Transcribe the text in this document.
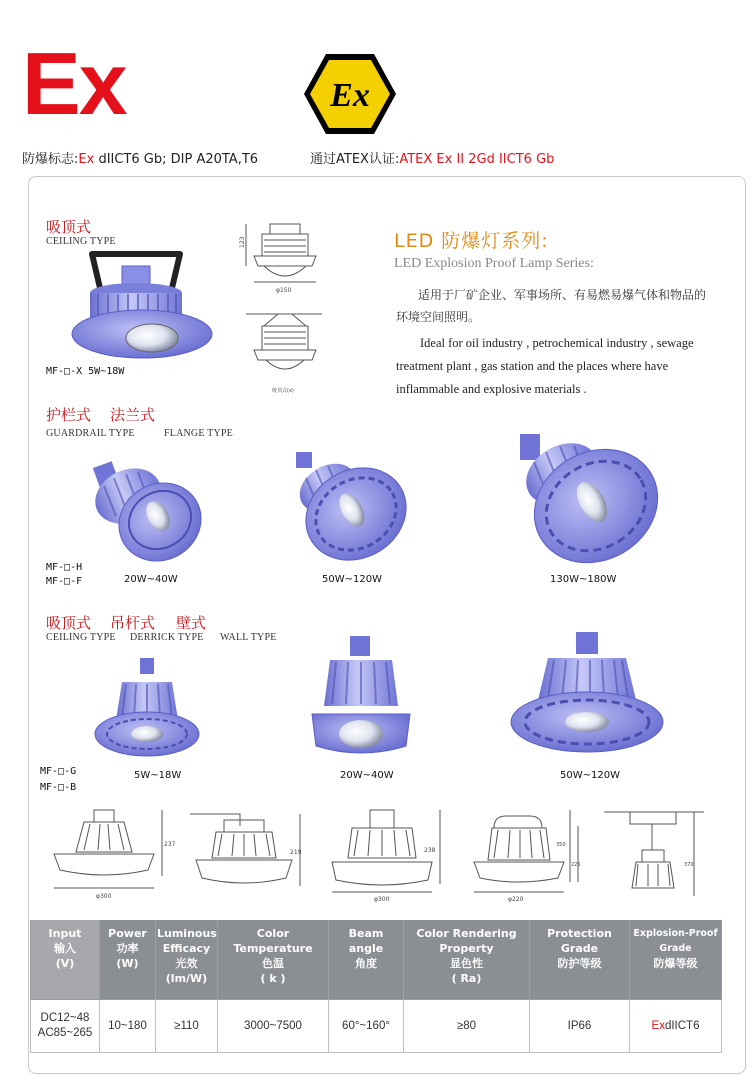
Ex	Ex
防爆标志:Ex dIICT6 Gb; DIP A20TA,T6	通过ATEX认证:ATEX Ex II 2Gd IICT6 Gb
吸顶式
CEILING TYPE
MF-□-X 5W~18W
123
φ150
吸顶式(x)
LED 防爆灯系列:
LED Explosion Proof Lamp Series:
适用于厂矿企业、军事场所、有易燃易爆气体和物品的环境空间照明。
Ideal for oil industry , petrochemical industry , sewage treatment plant , gas station and the places where have inflammable and explosive materials .
护栏式 法兰式
GUARDRAIL TYPE	FLANGE TYPE
MF-□-H
MF-□-F	20W~40W	50W~120W	130W~180W
吸顶式 吊杆式 壁式
CEILING TYPE DERRICK TYPE WALL TYPE
MF-□-G
MF-□-B
5W~18W	20W~40W	50W~120W
237
φ300
219	238
φ300
350
225
φ220
370
Input
输入
(V)	Power
功率
(W)	Luminous Efficacy
光效
(lm/W)	Color Temperature
色温
( k )	Beam angle
角度	Color Rendering Property
显色性
( Ra)	Protection Grade
防护等级	Explosion-Proof Grade
防爆等级

DC12~48
AC85~265	10~180	≥110	3000~7500	60°~160°	≥80	IP66	ExdIICT6
